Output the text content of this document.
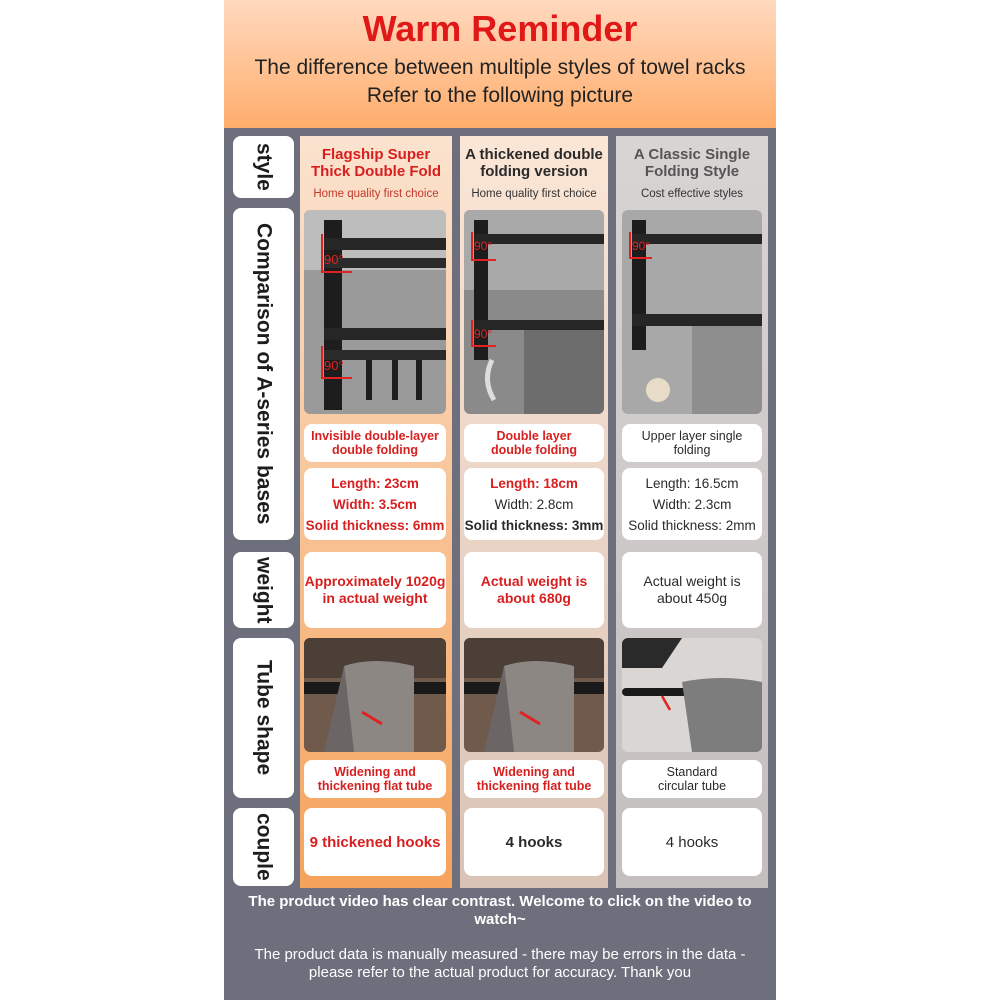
Warm Reminder
The difference between multiple styles of towel racks
Refer to the following picture
style
Comparison of A-series bases
weight
Tube shape
couple
Flagship Super
Thick Double Fold
Home quality first choice
A thickened double
folding version
Home quality first choice
A Classic Single
Folding Style
Cost effective styles
90°
90°
90°
90°
90°
Invisible double-layer
double folding
Double layer
double folding
Upper layer single
folding
Length: 23cm
Width: 3.5cm
Solid thickness: 6mm
Length: 18cm
Width: 2.8cm
Solid thickness: 3mm
Length: 16.5cm
Width: 2.3cm
Solid thickness: 2mm
Approximately 1020g
in actual weight
Actual weight is
about 680g
Actual weight is
about 450g
Widening and
thickening flat tube
Widening and
thickening flat tube
Standard
circular tube
9 thickened hooks	4 hooks	4 hooks
The product video has clear contrast. Welcome to click on the video to
watch~
The product data is manually measured - there may be errors in the data -
please refer to the actual product for accuracy. Thank you
